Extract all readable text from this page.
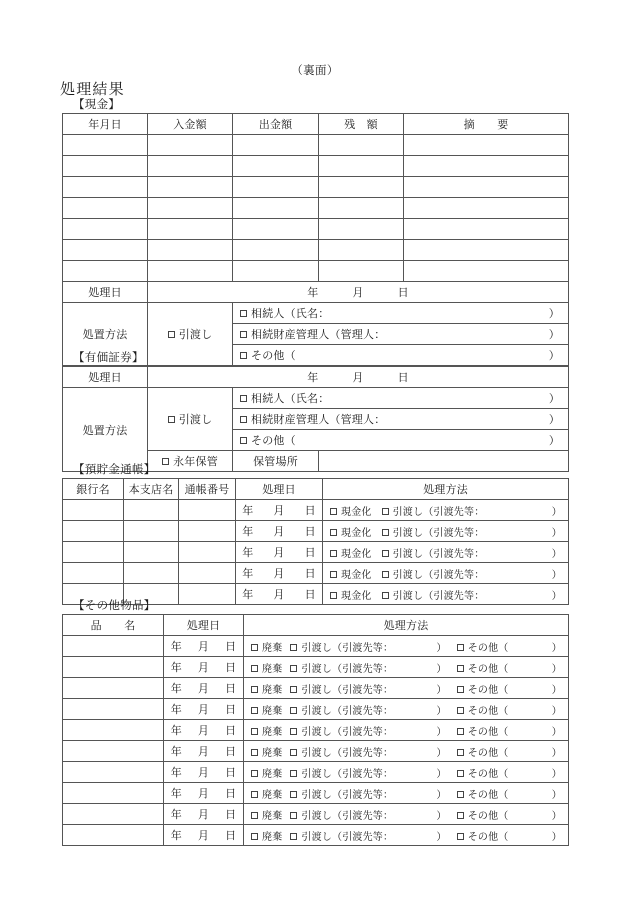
（裏面）
処理結果
【現金】
年月日	入金額	出金額	残　額	摘　　要

処理日	年 月 日			
処置方法	引渡し	相続人（氏名： ）		

		相続財産管理人（管理人： ）		

		その他（ ）		
【有価証券】
処理日	年 月 日		
処置方法	引渡し	相続人（氏名： ）	

		相続財産管理人（管理人： ）	

		その他（ ）	

	永年保管	保管場所	
【預貯金通帳】
銀行名	本支店名	通帳番号	処理日	処理方法
			年 月 日	現金化 引渡し（引渡先等： ）

			年 月 日	現金化 引渡し（引渡先等： ）

			年 月 日	現金化 引渡し（引渡先等： ）

			年 月 日	現金化 引渡し（引渡先等： ）

			年 月 日	現金化 引渡し（引渡先等： ）
【その他物品】
品　　名	処理日	処理方法
	年 月 日	廃棄 引渡し（引渡先等： ） その他（ ）

	年 月 日	廃棄 引渡し（引渡先等： ） その他（ ）

	年 月 日	廃棄 引渡し（引渡先等： ） その他（ ）

	年 月 日	廃棄 引渡し（引渡先等： ） その他（ ）

	年 月 日	廃棄 引渡し（引渡先等： ） その他（ ）

	年 月 日	廃棄 引渡し（引渡先等： ） その他（ ）

	年 月 日	廃棄 引渡し（引渡先等： ） その他（ ）

	年 月 日	廃棄 引渡し（引渡先等： ） その他（ ）

	年 月 日	廃棄 引渡し（引渡先等： ） その他（ ）

	年 月 日	廃棄 引渡し（引渡先等： ） その他（ ）
